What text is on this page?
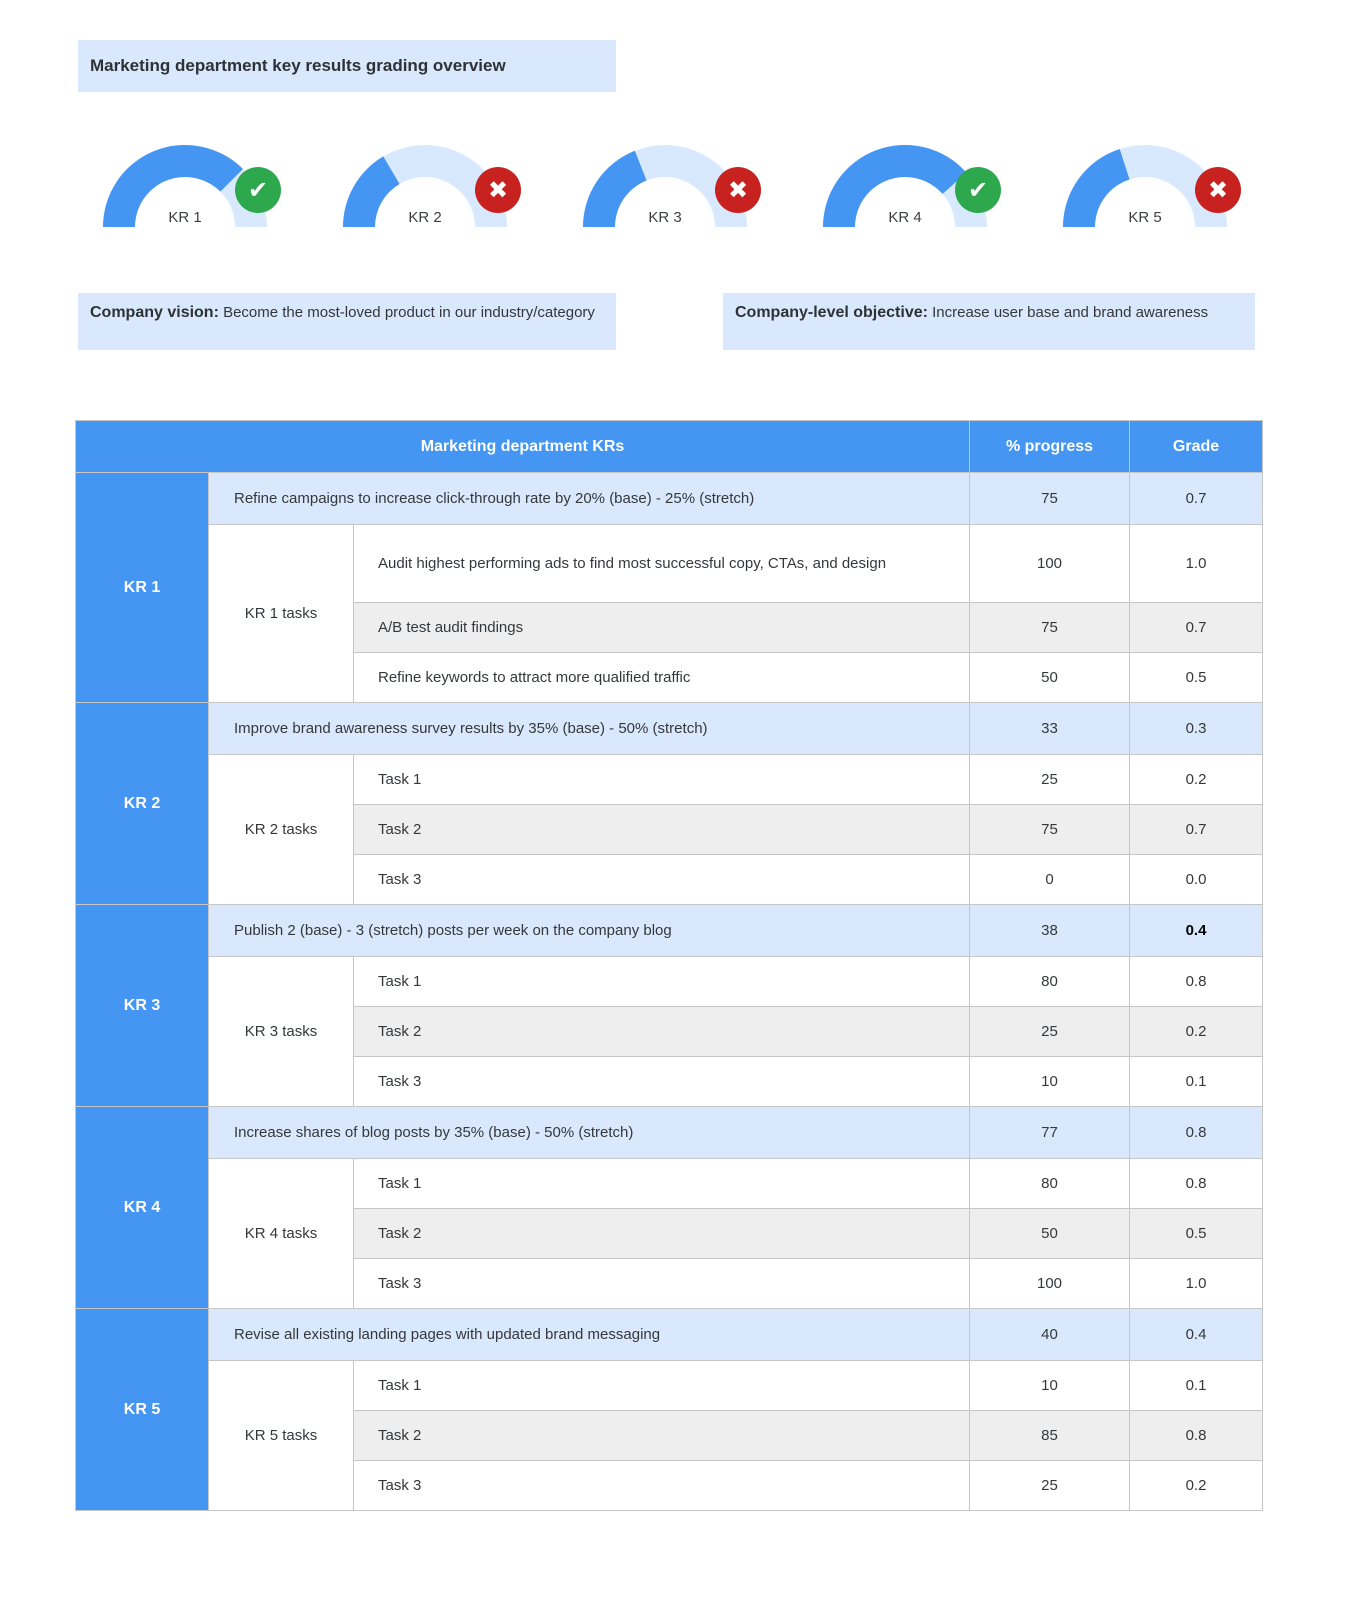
Marketing department key results grading overview
KR 1
✔
KR 2
✖
KR 3
✖
KR 4
✔
KR 5
✖
Company vision: Become the most-loved product in our industry/category	Company-level objective: Increase user base and brand awareness
Marketing department KRs			% progress	Grade
KR 1	Refine campaigns to increase click-through rate by 20% (base) - 25% (stretch)		75	0.7
	KR 1 tasks	Audit highest performing ads to find most successful copy, CTAs, and design	100	1.0
		A/B test audit findings	75	0.7
		Refine keywords to attract more qualified traffic	50	0.5
KR 2	Improve brand awareness survey results by 35% (base) - 50% (stretch)		33	0.3
	KR 2 tasks	Task 1	25	0.2
		Task 2	75	0.7
		Task 3	0	0.0
KR 3	Publish 2 (base) - 3 (stretch) posts per week on the company blog		38	0.4
	KR 3 tasks	Task 1	80	0.8
		Task 2	25	0.2
		Task 3	10	0.1
KR 4	Increase shares of blog posts by 35% (base) - 50% (stretch)		77	0.8
	KR 4 tasks	Task 1	80	0.8
		Task 2	50	0.5
		Task 3	100	1.0
KR 5	Revise all existing landing pages with updated brand messaging		40	0.4
	KR 5 tasks	Task 1	10	0.1
		Task 2	85	0.8
		Task 3	25	0.2
